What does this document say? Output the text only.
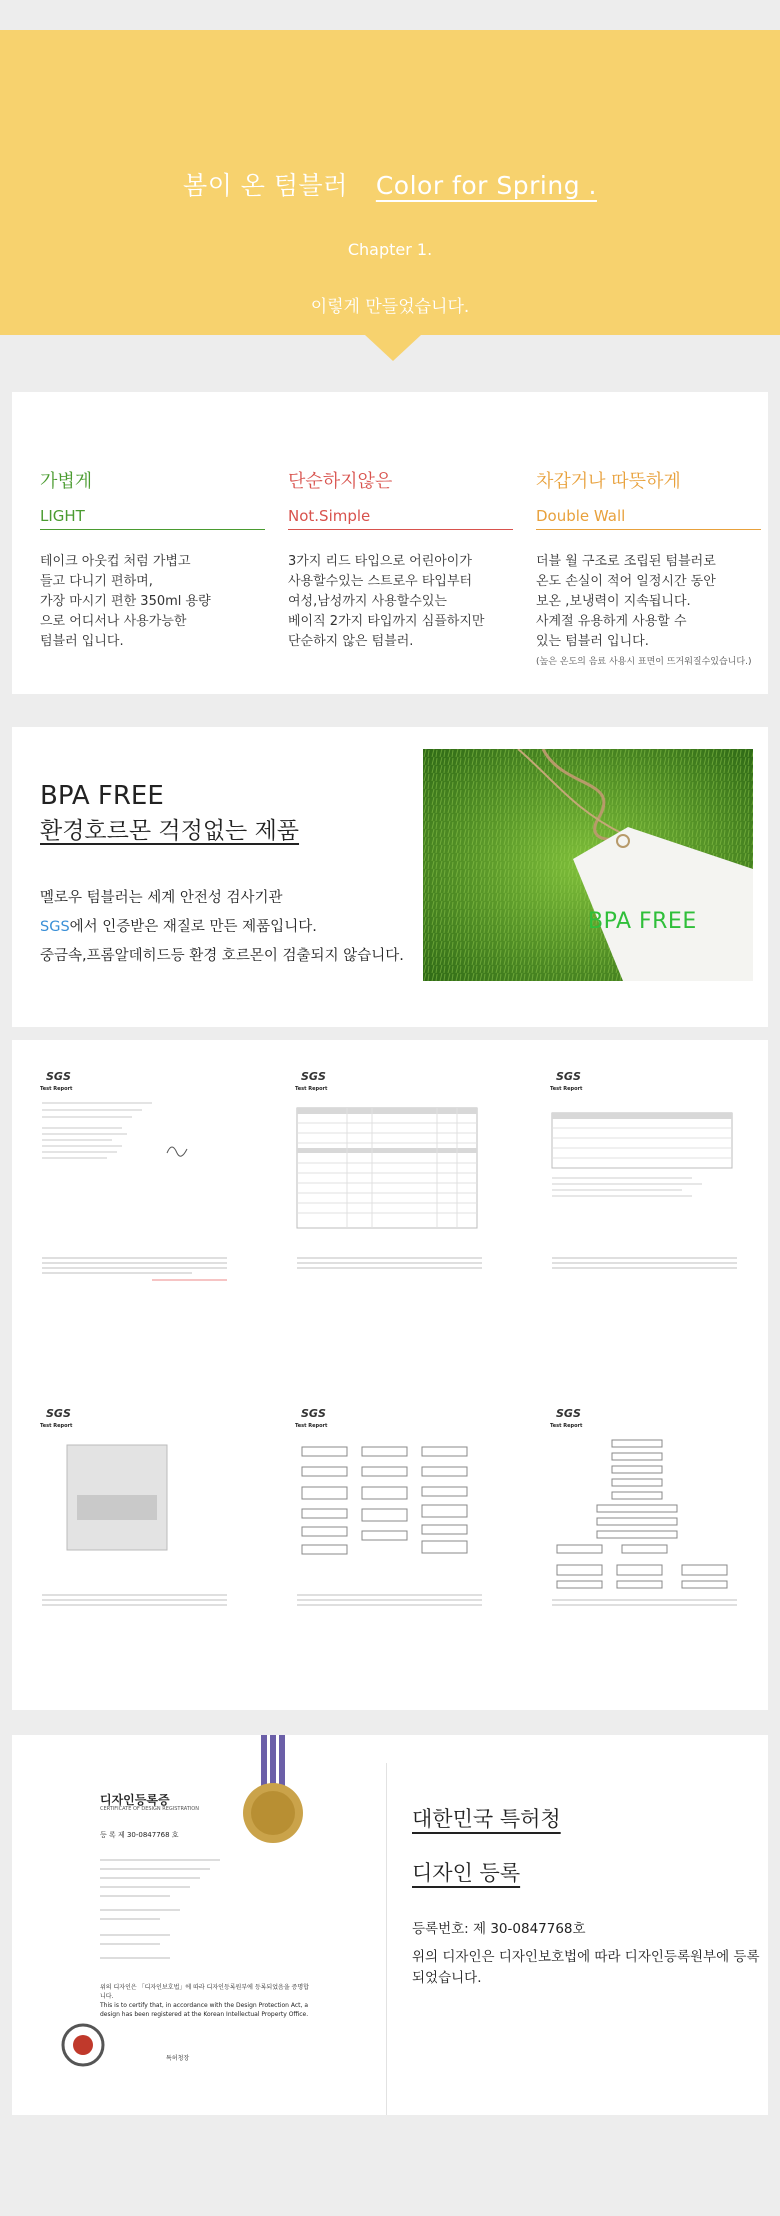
봄이 온 텀블러 Color for Spring .
Chapter 1.
이렇게 만들었습니다.
가볍게
LIGHT
테이크 아웃컵 처럼 가볍고
들고 다니기 편하며,
가장 마시기 편한 350ml 용량
으로 어디서나 사용가능한
텀블러 입니다.
단순하지않은
Not.Simple
3가지 리드 타입으로 어린아이가
사용할수있는 스트로우 타입부터
여성,남성까지 사용할수있는
베이직 2가지 타입까지 심플하지만
단순하지 않은 텀블러.
차갑거나 따뜻하게
Double Wall
더블 월 구조로 조립된 텀블러로
온도 손실이 적어 일정시간 동안
보온 ,보냉력이 지속됩니다.
사계절 유용하게 사용할 수
있는 텀블러 입니다.
(높은 온도의 음료 사용시 표면이 뜨거워질수있습니다.)
BPA FREE
환경호르몬 걱정없는 제품
멜로우 텀블러는 세계 안전성 검사기관
SGS에서 인증받은 재질로 만든 제품입니다.
중금속,프롬알데히드등 환경 호르몬이 검출되지 않습니다.
BPA FREE
SGS
Test Report
SGS
Test Report
SGS
Test Report
SGS
Test Report
SGS
Test Report
SGS
Test Report
디자인등록증
CERTIFICATE OF DESIGN REGISTRATION
등 록 제 30-0847768 호
위의 디자인은 「디자인보호법」에 따라 디자인등록원부에 등록되었음을 증명합니다.
This is to certify that, in accordance with the Design Protection Act, a design has been registered at the Korean Intellectual Property Office.
특허청장
대한민국 특허청
디자인 등록
등록번호: 제 30-0847768호
위의 디자인은 디자인보호법에 따라 디자인등록원부에 등록되었습니다.
